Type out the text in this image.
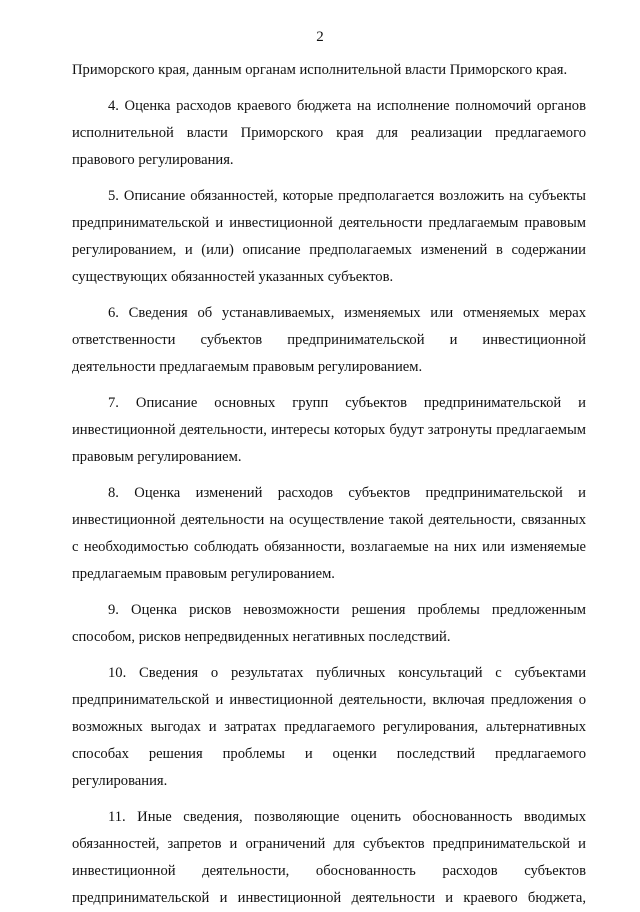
2

Приморского края, данным органам исполнительной власти Приморского края.

4. Оценка расходов краевого бюджета на исполнение полномочий органов исполнительной власти Приморского края для реализации предлагаемого правового регулирования.

5. Описание обязанностей, которые предполагается возложить на субъекты предпринимательской и инвестиционной деятельности предлагаемым правовым регулированием, и (или) описание предполагаемых изменений в содержании существующих обязанностей указанных субъектов.

6. Сведения об устанавливаемых, изменяемых или отменяемых мерах ответственности субъектов предпринимательской и инвестиционной деятельности предлагаемым правовым регулированием.

7. Описание основных групп субъектов предпринимательской и инвестиционной деятельности, интересы которых будут затронуты предлагаемым правовым регулированием.

8. Оценка изменений расходов субъектов предпринимательской и инвестиционной деятельности на осуществление такой деятельности, связанных с необходимостью соблюдать обязанности, возлагаемые на них или изменяемые предлагаемым правовым регулированием.

9. Оценка рисков невозможности решения проблемы предложенным способом, рисков непредвиденных негативных последствий.

10. Сведения о результатах публичных консультаций с субъектами предпринимательской и инвестиционной деятельности, включая предложения о возможных выгодах и затратах предлагаемого регулирования, альтернативных способах решения проблемы и оценки последствий предлагаемого регулирования.

11. Иные сведения, позволяющие оценить обоснованность вводимых обязанностей, запретов и ограничений для субъектов предпринимательской и инвестиционной деятельности, обоснованность расходов субъектов предпринимательской и инвестиционной деятельности и краевого бюджета,
